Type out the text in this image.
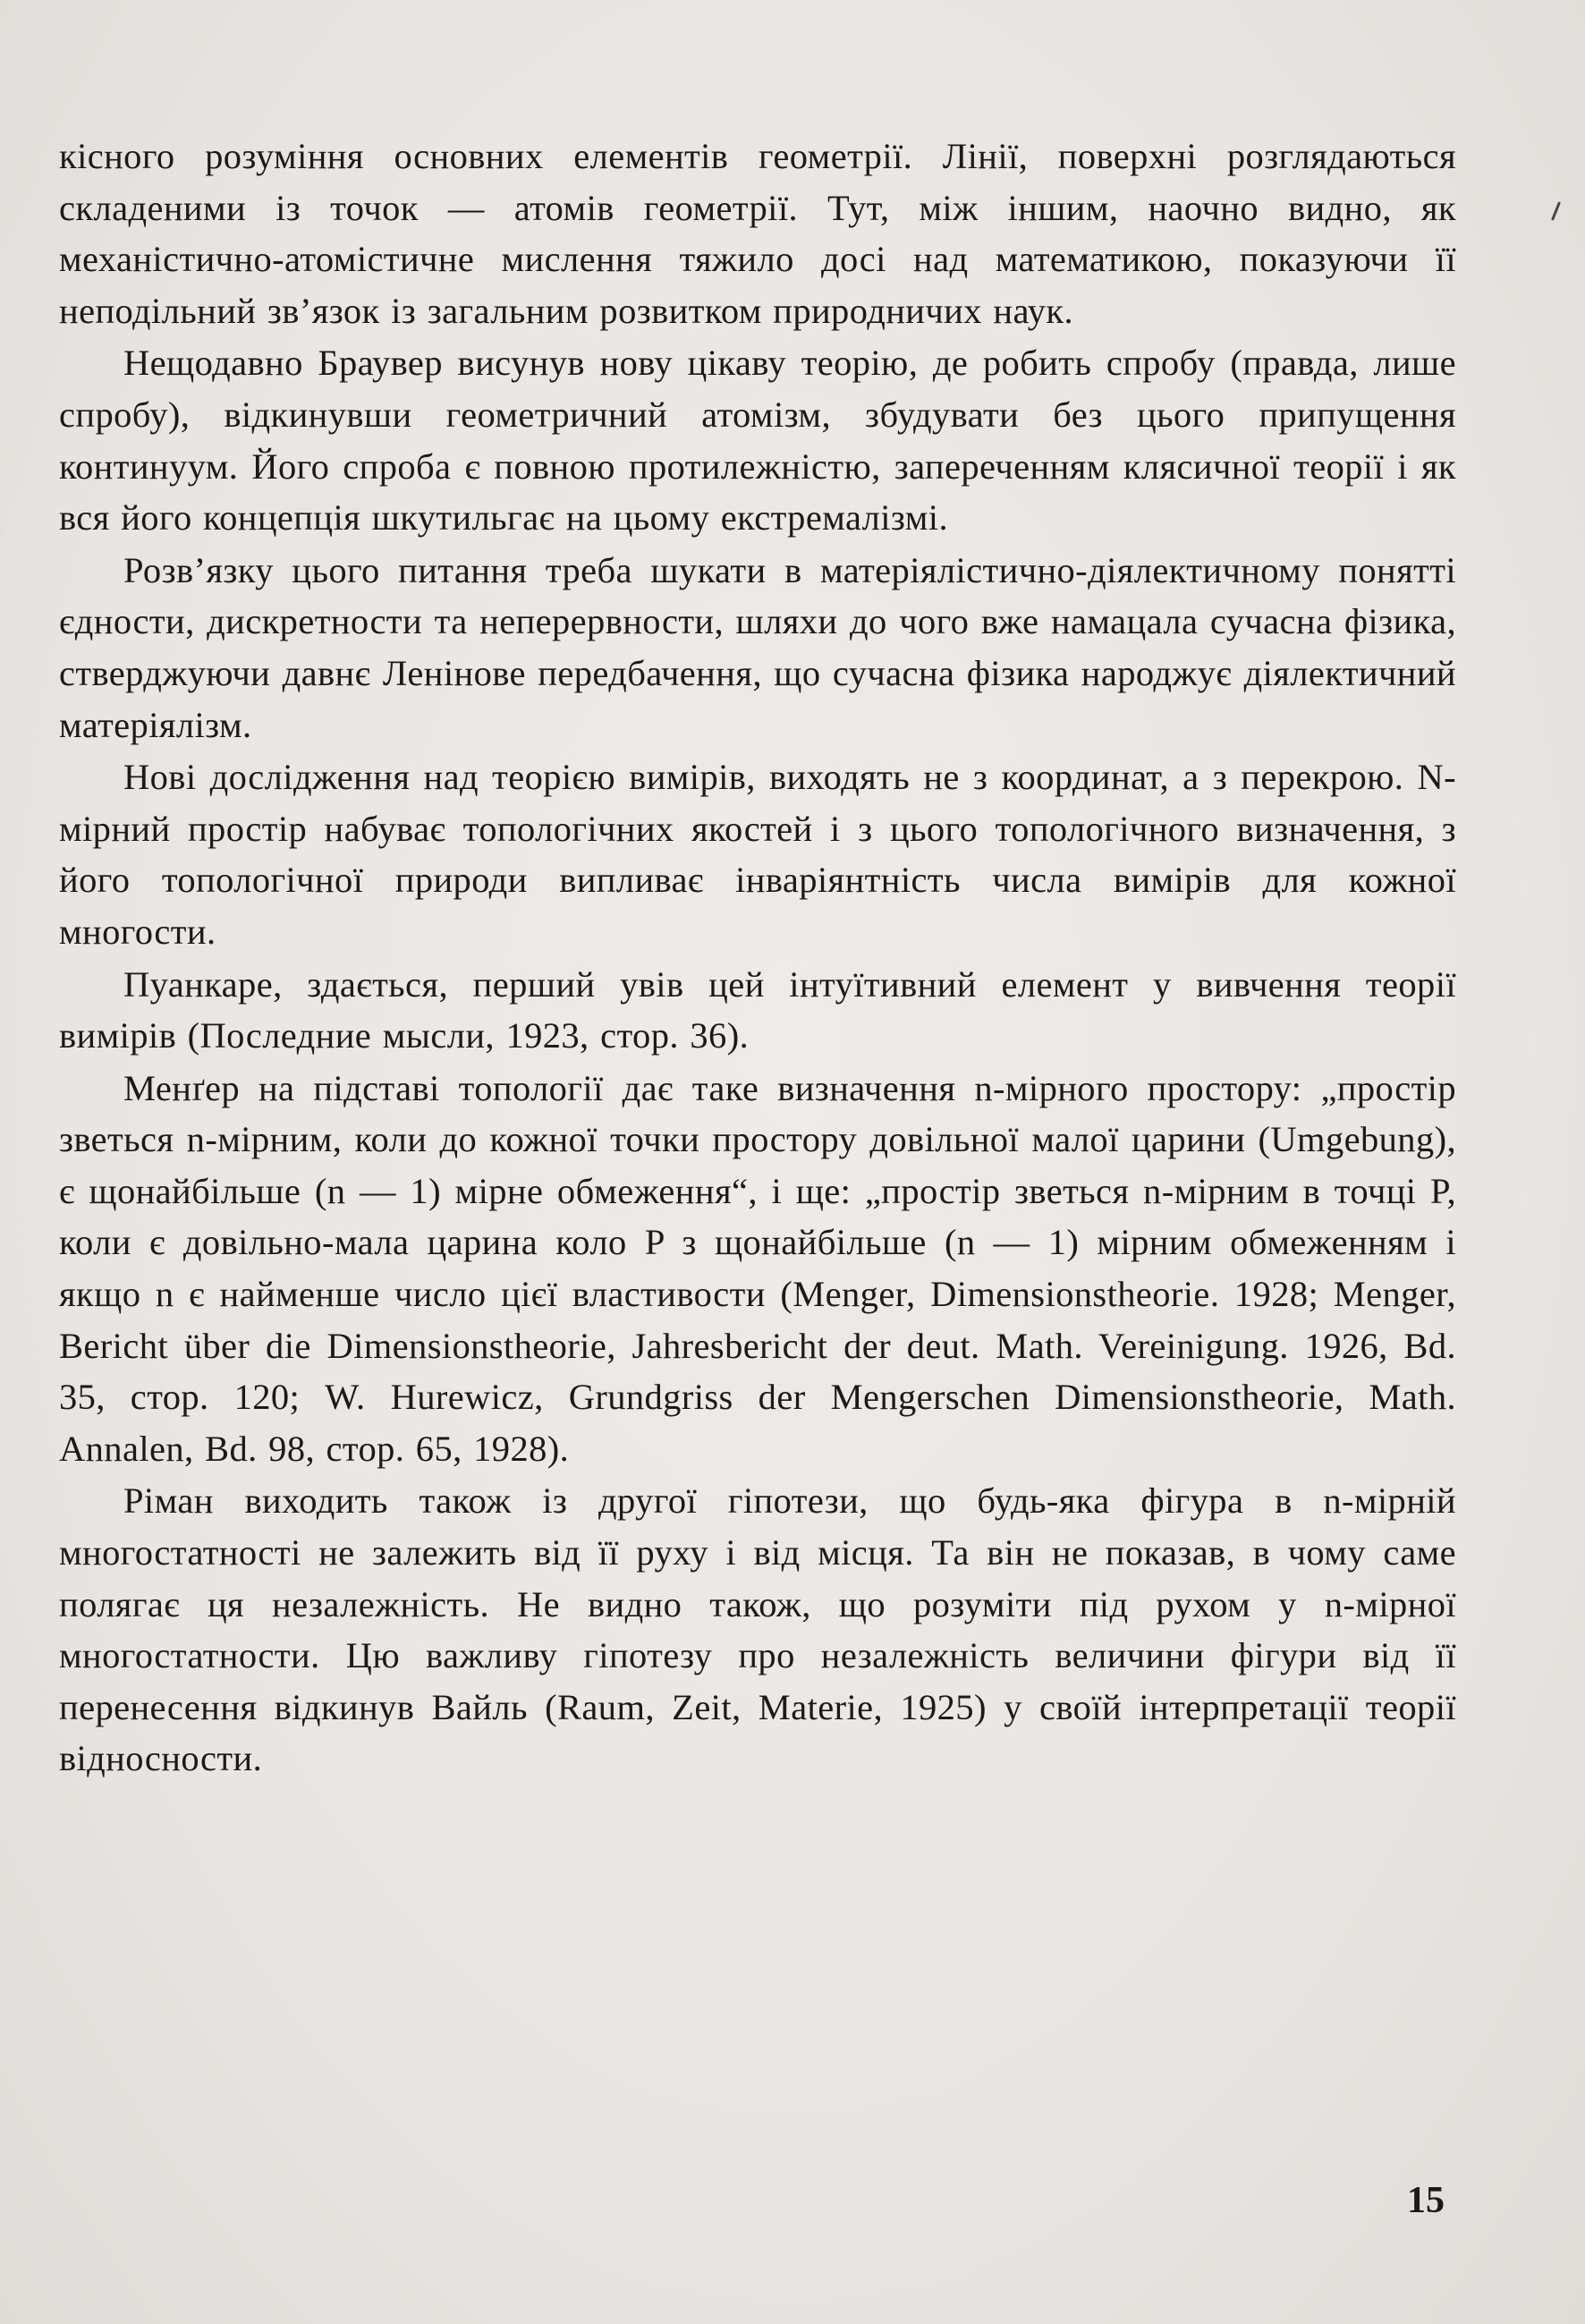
кісного розуміння основних елементів геометрії. Лінії, поверхні розглядаються складеними із точок — атомів геометрії. Тут, між іншим, наочно видно, як механістично-атомістичне мислення тяжило досі над математикою, показуючи її неподільний зв’язок із загальним розвитком природничих наук.

Нещодавно Браувер висунув нову цікаву теорію, де робить спробу (правда, лише спробу), відкинувши геометричний атомізм, збудувати без цього припущення континуум. Його спроба є повною протилежністю, запереченням клясичної теорії і як вся його концепція шкутильгає на цьому екстремалізмі.

Розв’язку цього питання треба шукати в матеріялістично-діялектичному понятті єдности, дискретности та неперервности, шляхи до чого вже намацала сучасна фізика, стверджуючи давнє Ленінове передбачення, що сучасна фізика народжує діялектичний матеріялізм.

Нові дослідження над теорією вимірів, виходять не з координат, а з перекрою. N-мірний простір набуває топологічних якостей і з цього топологічного визначення, з його топологічної природи випливає інваріянтність числа вимірів для кожної многости.

Пуанкаре, здається, перший увів цей інтуїтивний елемент у вивчення теорії вимірів (Последние мысли, 1923, стор. 36).

Менґер на підставі топології дає таке визначення n-мірного простору: „простір зветься n-мірним, коли до кожної точки простору довільної малої царини (Umgebung), є щонайбільше (n — 1) мірне обмеження“, і ще: „простір зветься n-мірним в точці P, коли є довільно-мала царина коло P з щонайбільше (n — 1) мірним обмеженням і якщо n є найменше число цієї властивости (Menger, Dimensionstheorie. 1928; Menger, Bericht über die Dimensionstheorie, Jahresbericht der deut. Math. Vereinigung. 1926, Bd. 35, стор. 120; W. Hurewicz, Grundgriss der Mengerschen Dimensionstheorie, Math. Annalen, Bd. 98, стор. 65, 1928).

Ріман виходить також із другої гіпотези, що будь-яка фігура в n-мірній многостатності не залежить від її руху і від місця. Та він не показав, в чому саме полягає ця незалежність. Не видно також, що розуміти під рухом у n-мірної многостатности. Цю важливу гіпотезу про незалежність величини фігури від її перенесення відкинув Вайль (Raum, Zeit, Materie, 1925) у своїй інтерпретації теорії відносности.

15
